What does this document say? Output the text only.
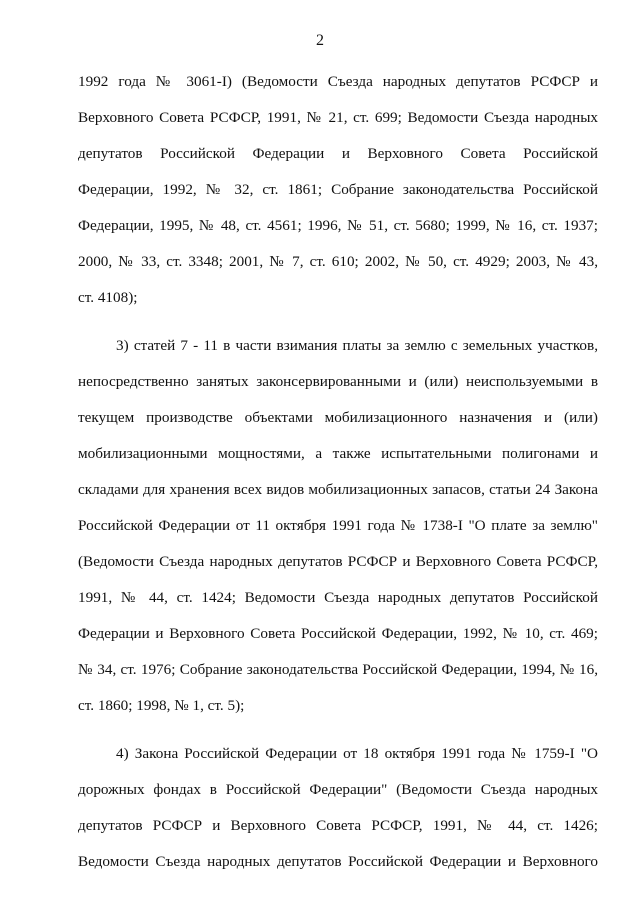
2
1992 года № 3061-I) (Ведомости Съезда народных депутатов РСФСР и
Верховного Совета РСФСР, 1991, № 21, ст. 699; Ведомости Съезда народных
депутатов Российской Федерации и Верховного Совета Российской
Федерации, 1992, № 32, ст. 1861; Собрание законодательства Российской
Федерации, 1995, № 48, ст. 4561; 1996, № 51, ст. 5680; 1999, № 16, ст. 1937;
2000, № 33, ст. 3348; 2001, № 7, ст. 610; 2002, № 50, ст. 4929; 2003, № 43,
ст. 4108);
3) статей 7 - 11 в части взимания платы за землю с земельных участков,
непосредственно занятых законсервированными и (или) неиспользуемыми в
текущем производстве объектами мобилизационного назначения и (или)
мобилизационными мощностями, а также испытательными полигонами и
складами для хранения всех видов мобилизационных запасов, статьи 24 Закона
Российской Федерации от 11 октября 1991 года № 1738-I "О плате за землю"
(Ведомости Съезда народных депутатов РСФСР и Верховного Совета РСФСР,
1991, № 44, ст. 1424; Ведомости Съезда народных депутатов Российской
Федерации и Верховного Совета Российской Федерации, 1992, № 10, ст. 469;
№ 34, ст. 1976; Собрание законодательства Российской Федерации, 1994, № 16,
ст. 1860; 1998, № 1, ст. 5);
4) Закона Российской Федерации от 18 октября 1991 года № 1759-I "О
дорожных фондах в Российской Федерации" (Ведомости Съезда народных
депутатов РСФСР и Верховного Совета РСФСР, 1991, № 44, ст. 1426;
Ведомости Съезда народных депутатов Российской Федерации и Верховного
